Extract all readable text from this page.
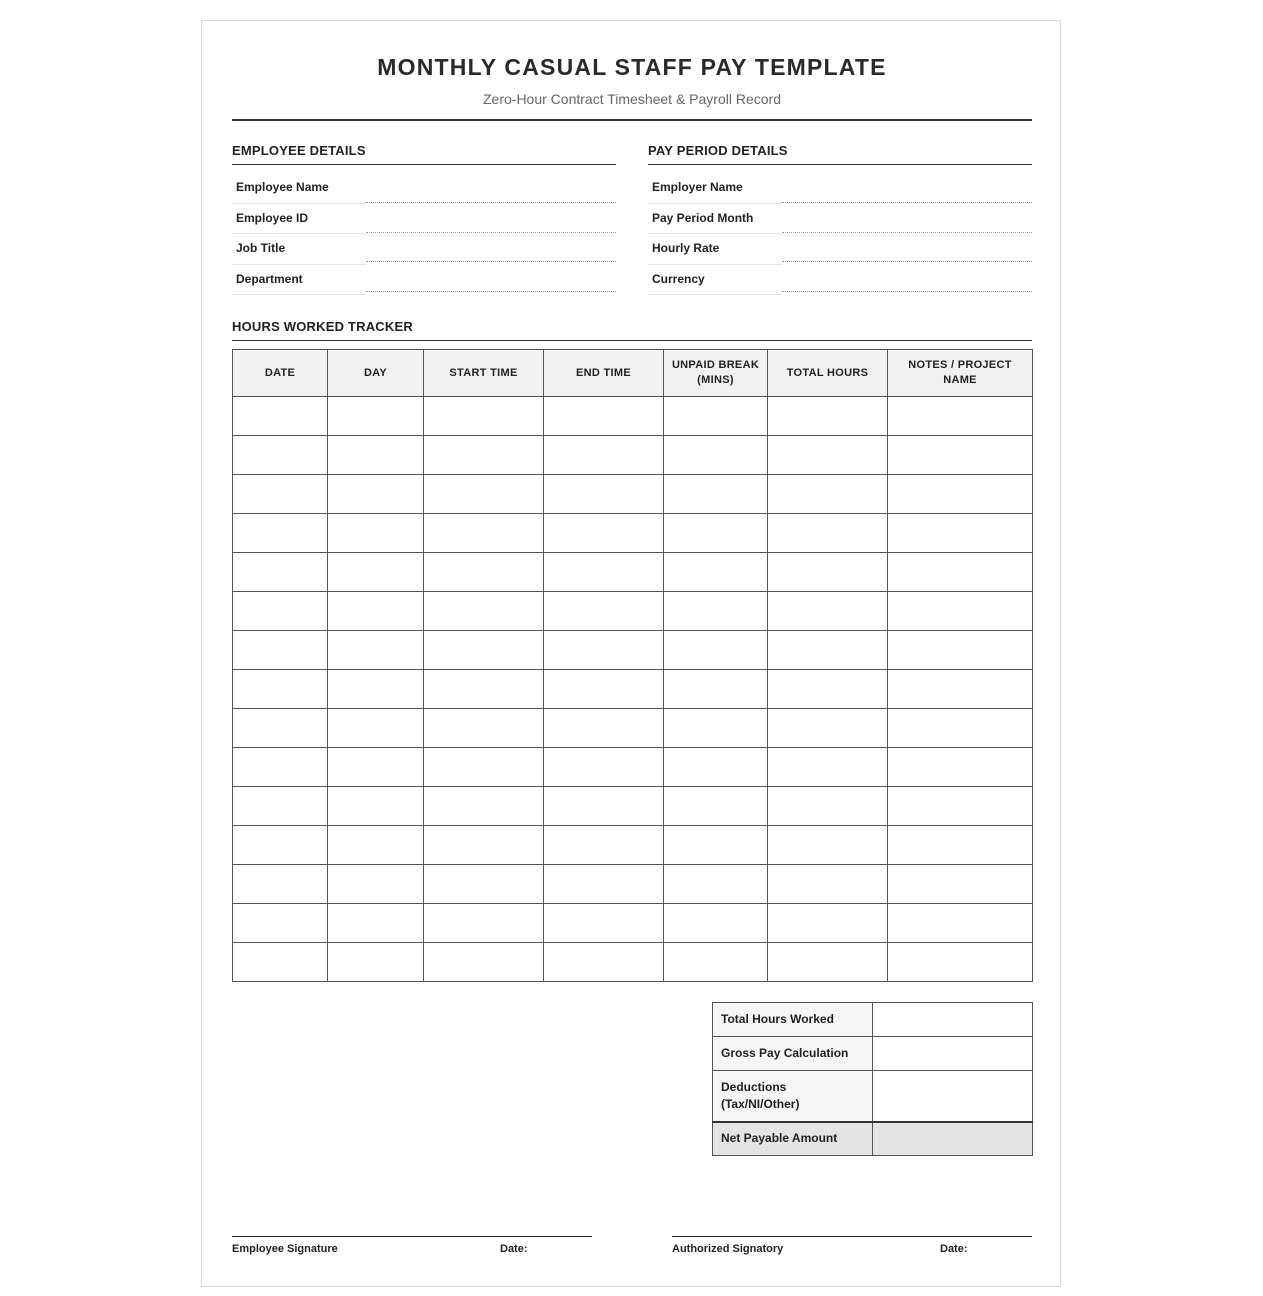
MONTHLY CASUAL STAFF PAY TEMPLATE
Zero-Hour Contract Timesheet & Payroll Record
EMPLOYEE DETAILS
Employee Name
Employee ID
Job Title
Department
PAY PERIOD DETAILS
Employer Name
Pay Period Month
Hourly Rate
Currency
HOURS WORKED TRACKER
DATE	DAY	START TIME	END TIME	UNPAID BREAK (MINS)	TOTAL HOURS	NOTES / PROJECT NAME

Total Hours Worked	
Gross Pay Calculation	
Deductions (Tax/NI/Other)	
Net Payable Amount	
Employee Signature	Date:	Authorized Signatory	Date:
